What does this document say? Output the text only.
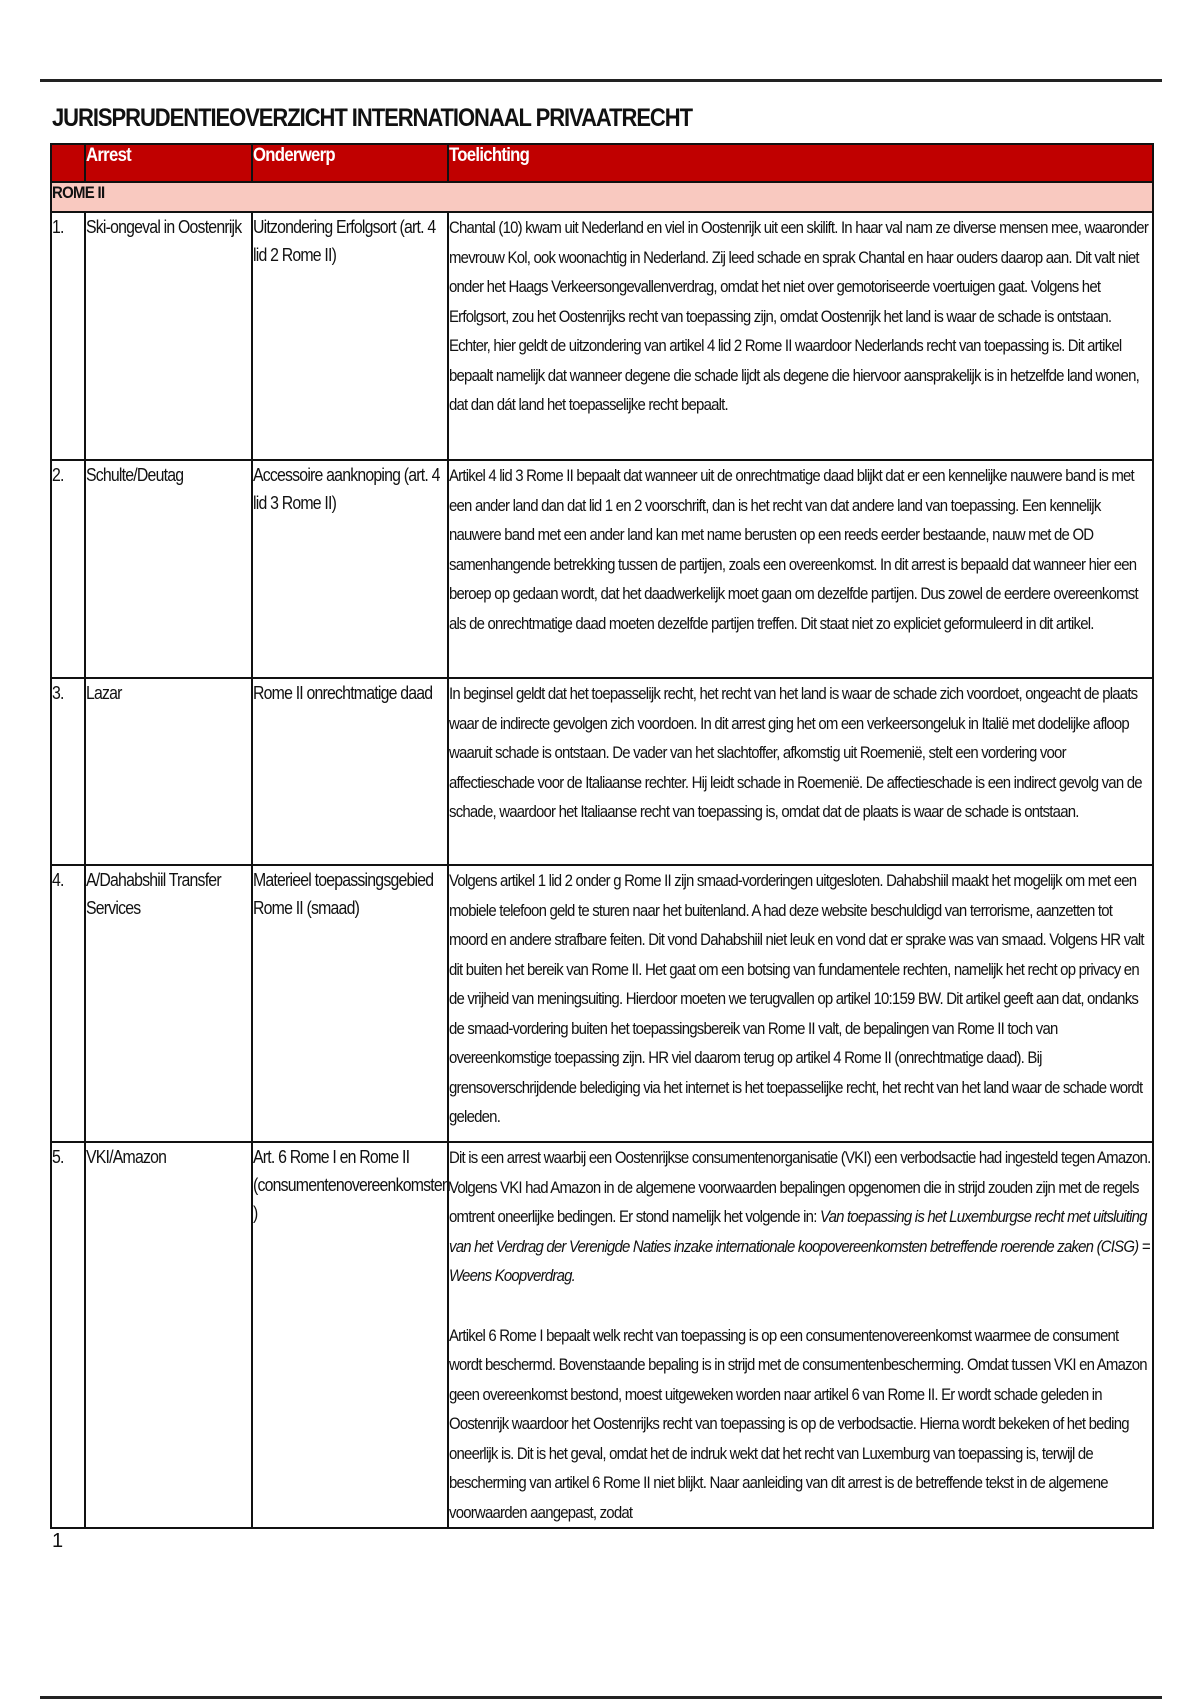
JURISPRUDENTIEOVERZICHT INTERNATIONAAL PRIVAATRECHT
	Arrest	Onderwerp	Toelichting
ROME II			

1.	Ski-ongeval in Oostenrijk	Uitzondering Erfolgsort (art. 4 lid 2 Rome II)	Chantal (10) kwam uit Nederland en viel in Oostenrijk uit een skilift. In haar val nam ze diverse mensen mee, waaronder mevrouw Kol, ook woonachtig in Nederland. Zij leed schade en sprak Chantal en haar ouders daarop aan. Dit valt niet onder het Haags Verkeersongevallenverdrag, omdat het niet over gemotoriseerde voertuigen gaat. Volgens het Erfolgsort, zou het Oostenrijks recht van toepassing zijn, omdat Oostenrijk het land is waar de schade is ontstaan. Echter, hier geldt de uitzondering van artikel 4 lid 2 Rome II waardoor Nederlands recht van toepassing is. Dit artikel bepaalt namelijk dat wanneer degene die schade lijdt als degene die hiervoor aansprakelijk is in hetzelfde land wonen, dat dan dát land het toepasselijke recht bepaalt.

2.	Schulte/Deutag	Accessoire aanknoping (art. 4 lid 3 Rome II)	Artikel 4 lid 3 Rome II bepaalt dat wanneer uit de onrechtmatige daad blijkt dat er een kennelijke nauwere band is met een ander land dan dat lid 1 en 2 voorschrift, dan is het recht van dat andere land van toepassing. Een kennelijk nauwere band met een ander land kan met name berusten op een reeds eerder bestaande, nauw met de OD samenhangende betrekking tussen de partijen, zoals een overeenkomst. In dit arrest is bepaald dat wanneer hier een beroep op gedaan wordt, dat het daadwerkelijk moet gaan om dezelfde partijen. Dus zowel de eerdere overeenkomst als de onrechtmatige daad moeten dezelfde partijen treffen. Dit staat niet zo expliciet geformuleerd in dit artikel.

3.	Lazar	Rome II onrechtmatige daad	In beginsel geldt dat het toepasselijk recht, het recht van het land is waar de schade zich voordoet, ongeacht de plaats waar de indirecte gevolgen zich voordoen. In dit arrest ging het om een verkeersongeluk in Italië met dodelijke afloop waaruit schade is ontstaan. De vader van het slachtoffer, afkomstig uit Roemenië, stelt een vordering voor affectieschade voor de Italiaanse rechter. Hij leidt schade in Roemenië. De affectieschade is een indirect gevolg van de schade, waardoor het Italiaanse recht van toepassing is, omdat dat de plaats is waar de schade is ontstaan.

4.	A/Dahabshiil Transfer Services	Materieel toepassingsgebied Rome II (smaad)	Volgens artikel 1 lid 2 onder g Rome II zijn smaad-vorderingen uitgesloten. Dahabshiil maakt het mogelijk om met een mobiele telefoon geld te sturen naar het buitenland. A had deze website beschuldigd van terrorisme, aanzetten tot moord en andere strafbare feiten. Dit vond Dahabshiil niet leuk en vond dat er sprake was van smaad. Volgens HR valt dit buiten het bereik van Rome II. Het gaat om een botsing van fundamentele rechten, namelijk het recht op privacy en de vrijheid van meningsuiting. Hierdoor moeten we terugvallen op artikel 10:159 BW. Dit artikel geeft aan dat, ondanks de smaad-vordering buiten het toepassingsbereik van Rome II valt, de bepalingen van Rome II toch van overeenkomstige toepassing zijn. HR viel daarom terug op artikel 4 Rome II (onrechtmatige daad). Bij grensoverschrijdende belediging via het internet is het toepasselijke recht, het recht van het land waar de schade wordt geleden.

5.	VKI/Amazon	Art. 6 Rome I en Rome II (consumentenovereenkomsten )	Dit is een arrest waarbij een Oostenrijkse consumentenorganisatie (VKI) een verbodsactie had ingesteld tegen Amazon. Volgens VKI had Amazon in de algemene voorwaarden bepalingen opgenomen die in strijd zouden zijn met de regels omtrent oneerlijke bedingen. Er stond namelijk het volgende in: Van toepassing is het Luxemburgse recht met uitsluiting van het Verdrag der Verenigde Naties inzake internationale koopovereenkomsten betreffende roerende zaken (CISG) = Weens Koopverdrag.
Artikel 6 Rome I bepaalt welk recht van toepassing is op een consumentenovereenkomst waarmee de consument wordt beschermd. Bovenstaande bepaling is in strijd met de consumentenbescherming. Omdat tussen VKI en Amazon geen overeenkomst bestond, moest uitgeweken worden naar artikel 6 van Rome II. Er wordt schade geleden in Oostenrijk waardoor het Oostenrijks recht van toepassing is op de verbodsactie. Hierna wordt bekeken of het beding oneerlijk is. Dit is het geval, omdat het de indruk wekt dat het recht van Luxemburg van toepassing is, terwijl de bescherming van artikel 6 Rome II niet blijkt. Naar aanleiding van dit arrest is de betreffende tekst in de algemene voorwaarden aangepast, zodat
1
